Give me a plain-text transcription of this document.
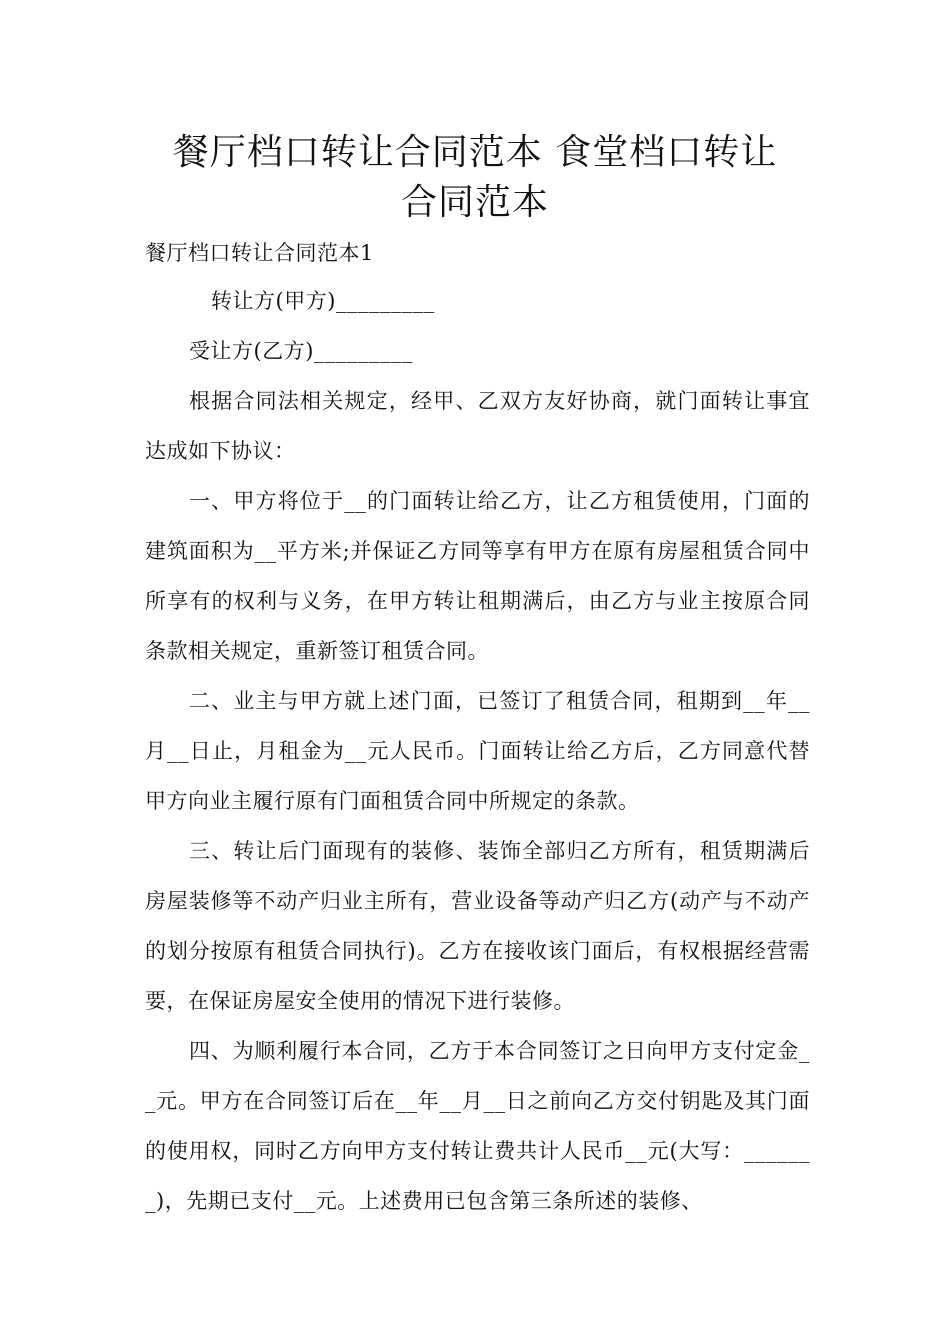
餐厅档口转让合同范本 食堂档口转让
合同范本

餐厅档口转让合同范本1

转让方(甲方)_________

受让方(乙方)_________

根据合同法相关规定，经甲、乙双方友好协商，就门面转让事宜达成如下协议：

一、甲方将位于__的门面转让给乙方，让乙方租赁使用，门面的建筑面积为__平方米;并保证乙方同等享有甲方在原有房屋租赁合同中所享有的权利与义务，在甲方转让租期满后，由乙方与业主按原合同条款相关规定，重新签订租赁合同。

二、业主与甲方就上述门面，已签订了租赁合同，租期到__年__月__日止，月租金为__元人民币。门面转让给乙方后，乙方同意代替甲方向业主履行原有门面租赁合同中所规定的条款。

三、转让后门面现有的装修、装饰全部归乙方所有，租赁期满后房屋装修等不动产归业主所有，营业设备等动产归乙方(动产与不动产的划分按原有租赁合同执行)。乙方在接收该门面后，有权根据经营需要，在保证房屋安全使用的情况下进行装修。

四、为顺利履行本合同，乙方于本合同签订之日向甲方支付定金__元。甲方在合同签订后在__年__月__日之前向乙方交付钥匙及其门面的使用权，同时乙方向甲方支付转让费共计人民币__元(大写：_______)，先期已支付__元。上述费用已包含第三条所述的装修、
